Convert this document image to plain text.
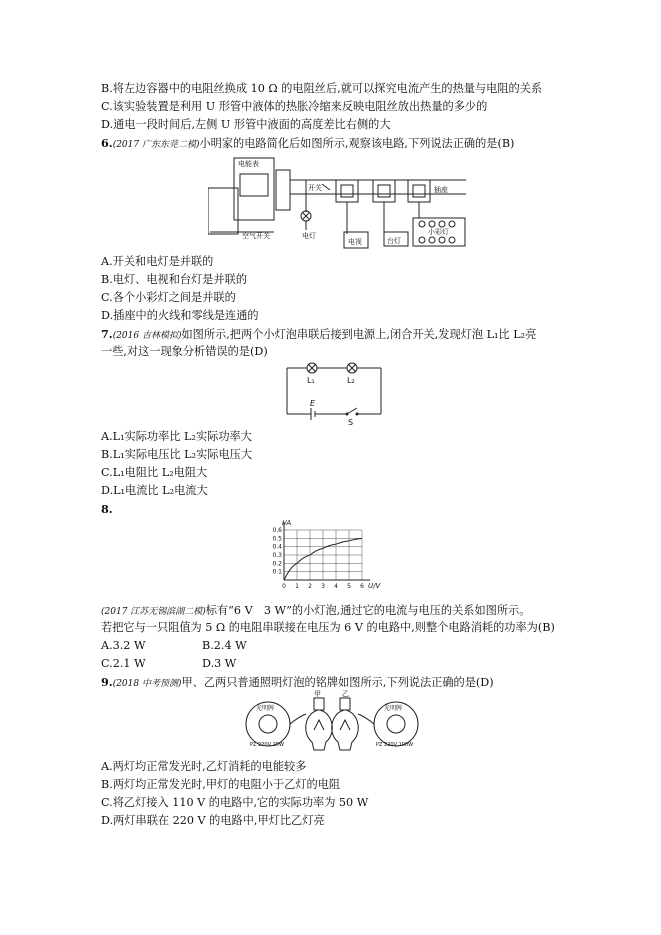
B.将左边容器中的电阻丝换成 10 Ω 的电阻丝后,就可以探究电流产生的热量与电阻的关系
C.该实验装置是利用 U 形管中液体的热胀冷缩来反映电阻丝放出热量的多少的
D.通电一段时间后,左侧 U 形管中液面的高度差比右侧的大
6.(2017 广东东莞二模)小明家的电路简化后如图所示,观察该电路,下列说法正确的是(B)
电能表
开关
空气开关	电灯
电视	台灯
插座
小彩灯
A.开关和电灯是并联的
B.电灯、电视和台灯是并联的
C.各个小彩灯之间是并联的
D.插座中的火线和零线是连通的
7.(2016 吉林模拟)如图所示,把两个小灯泡串联后接到电源上,闭合开关,发现灯泡 L₁比 L₂亮
一些,对这一现象分析错误的是(D)
L₁	L₂
E
S
A.L₁实际功率比 L₂实际功率大
B.L₁实际电压比 L₂实际电压大
C.L₁电阻比 L₂电阻大
D.L₁电流比 L₂电流大
8.
0 1 2 3 4 5 6
0.1
0.2
0.3
0.4
0.5
0.6
I/A
U/V
(2017 江苏无锡滨湖二模)标有“6 V　3 W”的小灯泡,通过它的电流与电压的关系如图所示。
若把它与一只阻值为 5 Ω 的电阻串联接在电压为 6 V 的电路中,则整个电路消耗的功率为(B)
A.3.2 W	B.2.4 W
C.2.1 W	D.3 W
9.(2018 中考预测)甲、乙两只普通照明灯泡的铭牌如图所示,下列说法正确的是(D)
光明牌
PZ 220V 25W
光明牌
PZ 220V 100W
甲	乙
A.两灯均正常发光时,乙灯消耗的电能较多
B.两灯均正常发光时,甲灯的电阻小于乙灯的电阻
C.将乙灯接入 110 V 的电路中,它的实际功率为 50 W
D.两灯串联在 220 V 的电路中,甲灯比乙灯亮
